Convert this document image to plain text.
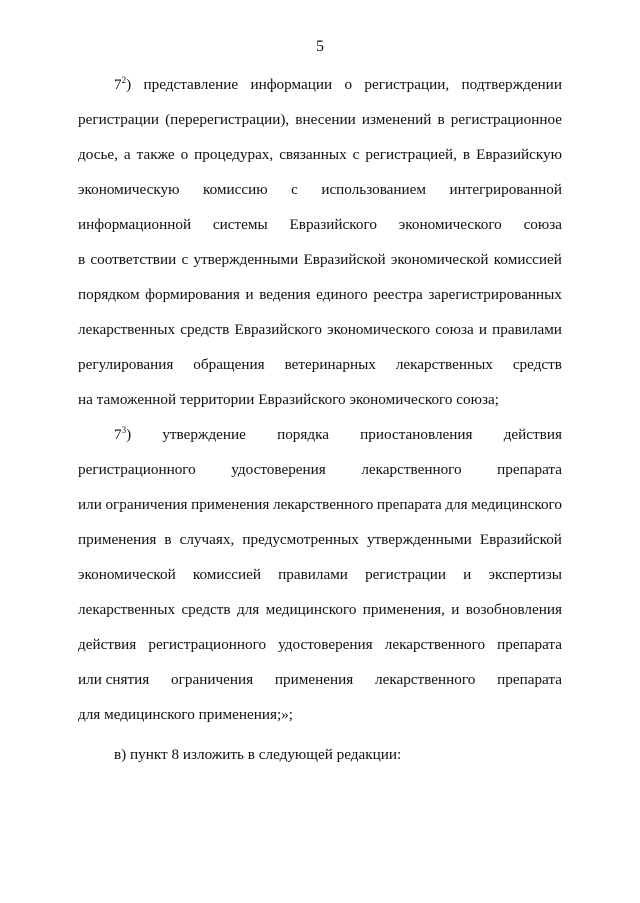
5
$7^2$) представление информации о регистрации, подтверждении
регистрации (перерегистрации), внесении изменений в регистрационное
досье, а также о процедурах, связанных с регистрацией, в Евразийскую
экономическую комиссию с использованием интегрированной
информационной системы Евразийского экономического союза
в соответствии с утвержденными Евразийской экономической комиссией
порядком формирования и ведения единого реестра зарегистрированных
лекарственных средств Евразийского экономического союза и правилами
регулирования обращения ветеринарных лекарственных средств
на таможенной территории Евразийского экономического союза;
$7^3$) утверждение порядка приостановления действия
регистрационного удостоверения лекарственного препарата
или ограничения применения лекарственного препарата для медицинского
применения в случаях, предусмотренных утвержденными Евразийской
экономической комиссией правилами регистрации и экспертизы
лекарственных средств для медицинского применения, и возобновления
действия регистрационного удостоверения лекарственного препарата
или снятия ограничения применения лекарственного препарата
для медицинского применения;»;
в) пункт 8 изложить в следующей редакции:
